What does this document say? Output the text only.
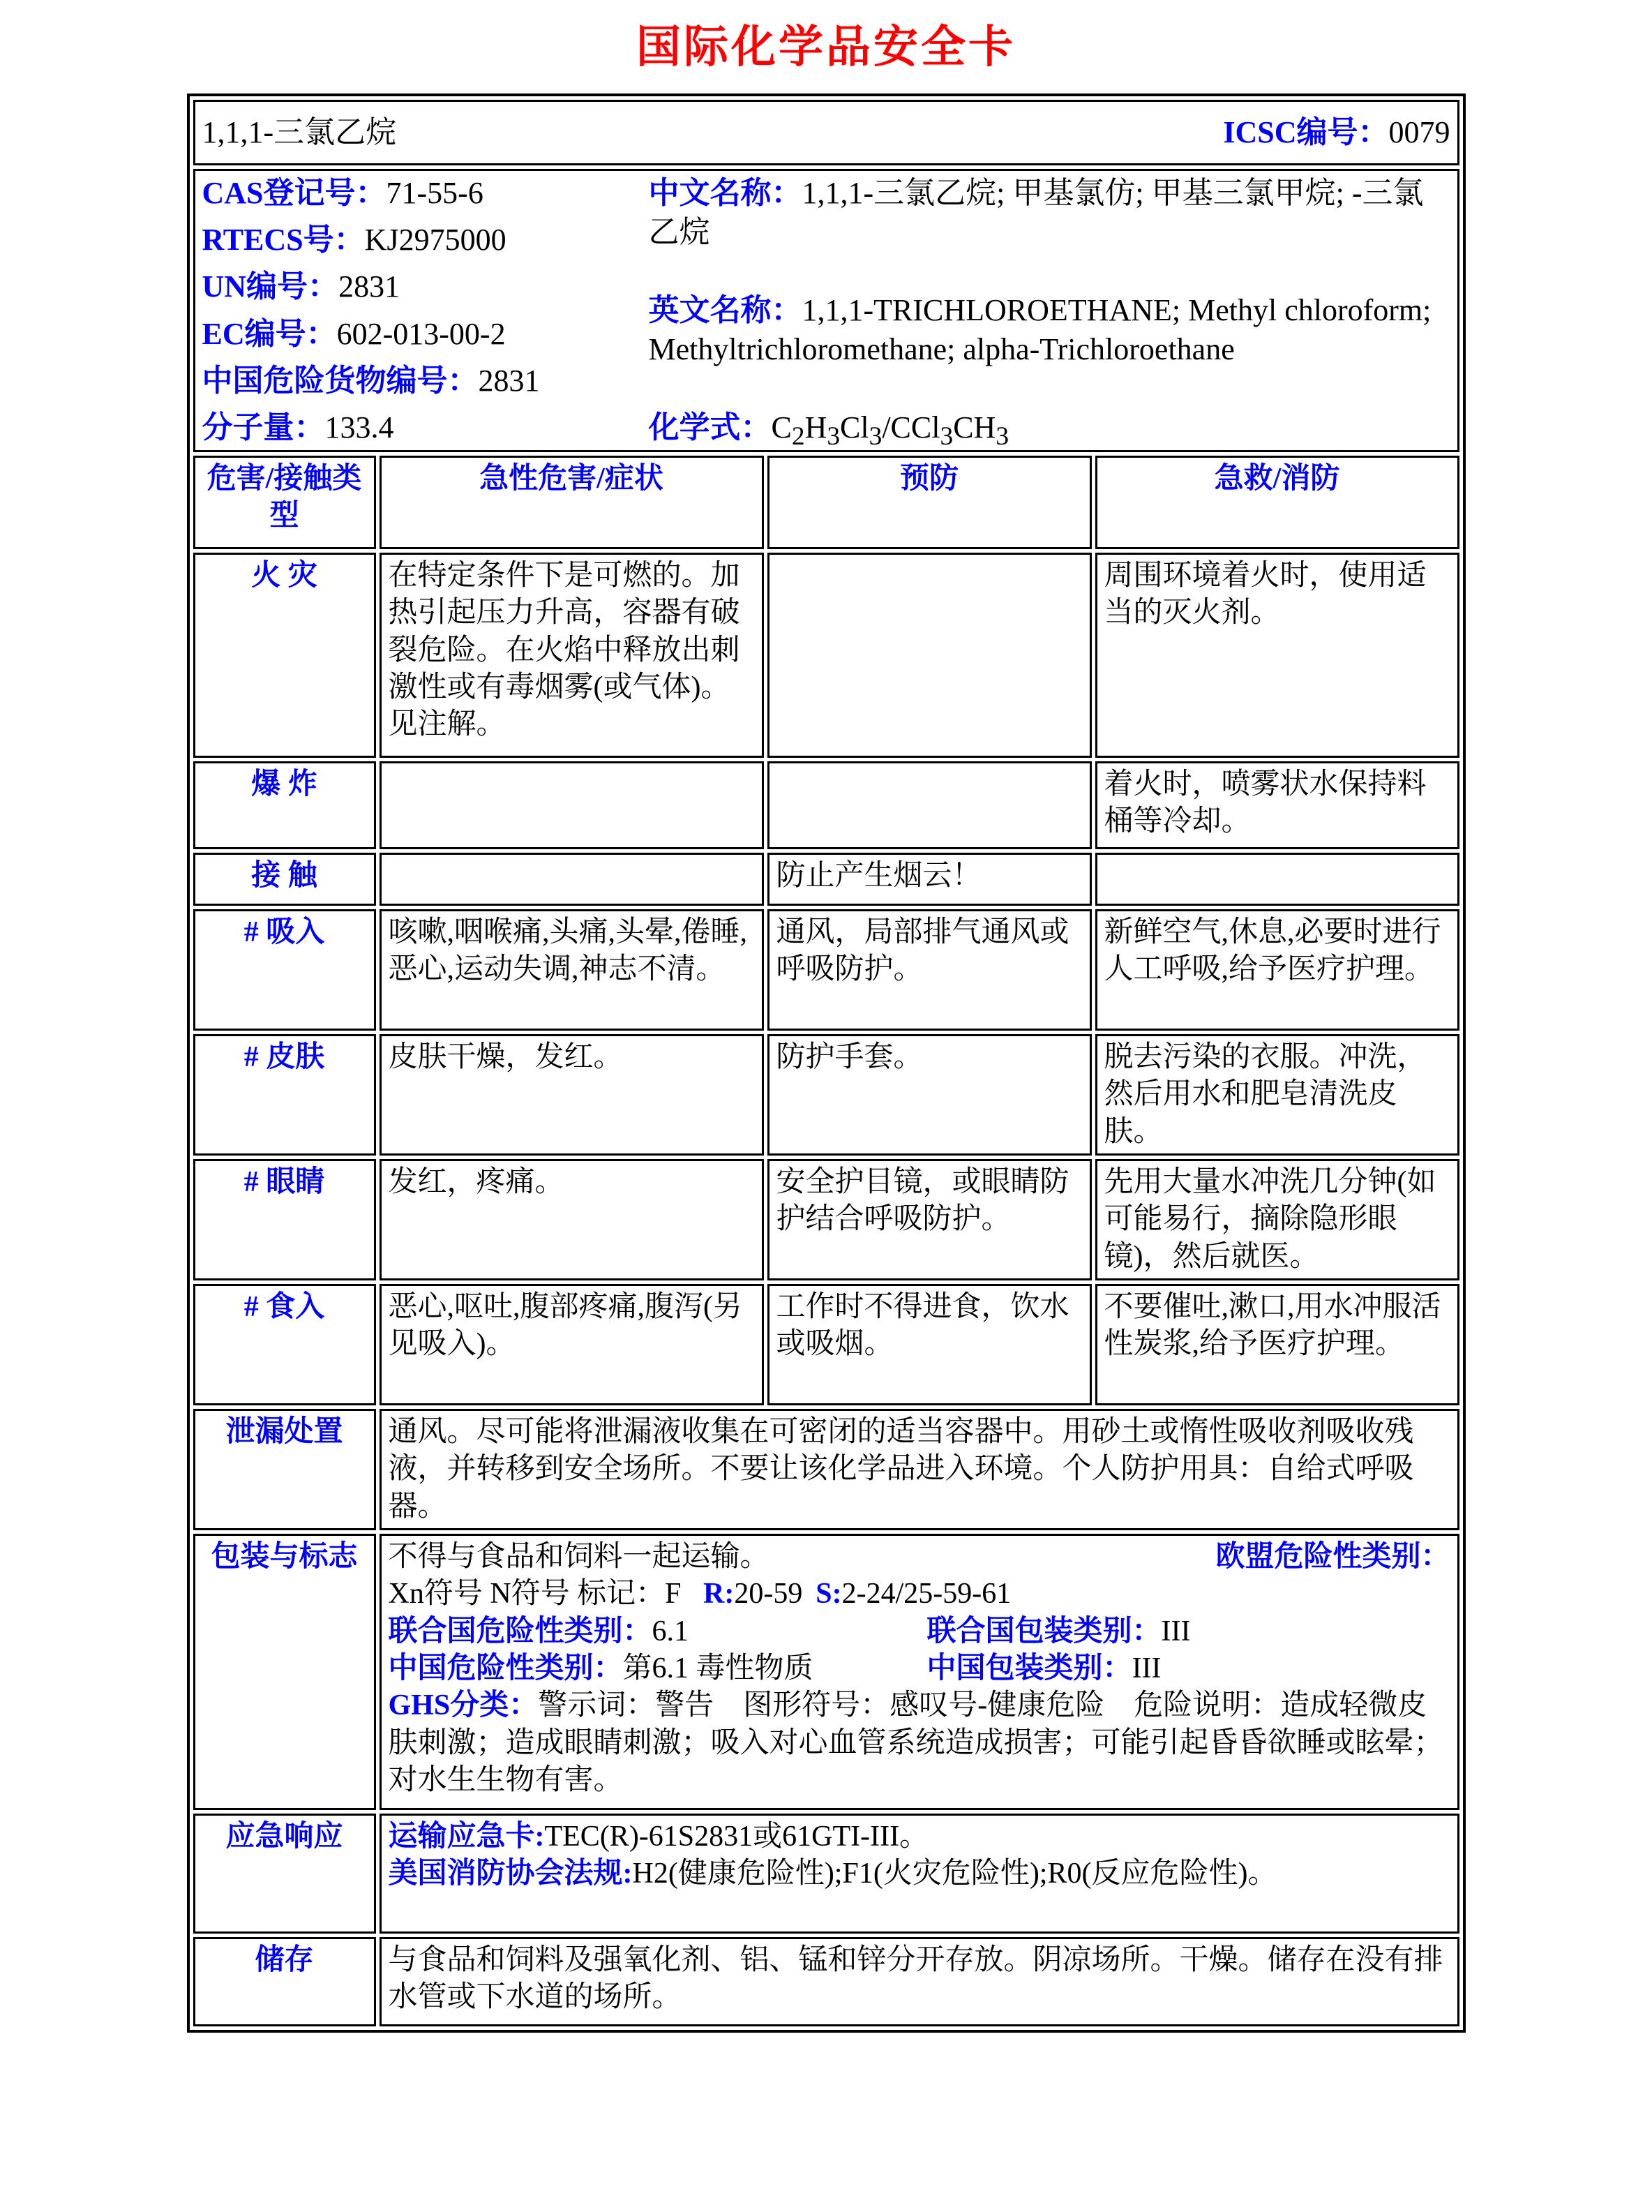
国际化学品安全卡
1,1,1-三氯乙烷 ICSC编号：0079			

CAS登记号：71-55-6
RTECS号：KJ2975000
UN编号：2831
EC编号：602-013-00-2
中国危险货物编号：2831
分子量：133.4
中文名称：1,1,1-三氯乙烷; 甲基氯仿; 甲基三氯甲烷; -三氯乙烷
英文名称：1,1,1-TRICHLOROETHANE; Methyl chloroform; Methyltrichloromethane; alpha-Trichloroethane
化学式：$C_2H_3Cl_3/CCl_3CH_3$

危害/接触类型	急性危害/症状	预防	急救/消防
火 灾	在特定条件下是可燃的。加热引起压力升高，容器有破裂危险。在火焰中释放出刺激性或有毒烟雾(或气体)。见注解。		周围环境着火时，使用适当的灭火剂。
爆 炸			着火时，喷雾状水保持料桶等冷却。
接 触		防止产生烟云！	
# 吸入	咳嗽,咽喉痛,头痛,头晕,倦睡,恶心,运动失调,神志不清。	通风，局部排气通风或呼吸防护。	新鲜空气,休息,必要时进行人工呼吸,给予医疗护理。
# 皮肤	皮肤干燥，发红。	防护手套。	脱去污染的衣服。冲洗，然后用水和肥皂清洗皮肤。
# 眼睛	发红，疼痛。	安全护目镜，或眼睛防护结合呼吸防护。	先用大量水冲洗几分钟(如可能易行，摘除隐形眼镜)，然后就医。
# 食入	恶心,呕吐,腹部疼痛,腹泻(另见吸入)。	工作时不得进食，饮水或吸烟。	不要催吐,漱口,用水冲服活性炭浆,给予医疗护理。
泄漏处置	通风。尽可能将泄漏液收集在可密闭的适当容器中。用砂土或惰性吸收剂吸收残液，并转移到安全场所。不要让该化学品进入环境。个人防护用具：自给式呼吸器。		
包装与标志	不得与食品和饲料一起运输。	欧盟危险性类别：
Xn符号 N符号 标记：F R:20-59 S:2-24/25-59-61
联合国危险性类别：6.1	联合国包装类别：III
中国危险性类别：第6.1 毒性物质	中国包装类别：III
GHS分类：警示词：警告　图形符号：感叹号-健康危险　危险说明：造成轻微皮肤刺激；造成眼睛刺激；吸入对心血管系统造成损害；可能引起昏昏欲睡或眩晕；对水生生物有害。

应急响应	运输应急卡:TEC(R)-61S2831或61GTI-III。
美国消防协会法规:H2(健康危险性);F1(火灾危险性);R0(反应危险性)。		

储存	与食品和饲料及强氧化剂、铝、锰和锌分开存放。阴凉场所。干燥。储存在没有排水管或下水道的场所。		
